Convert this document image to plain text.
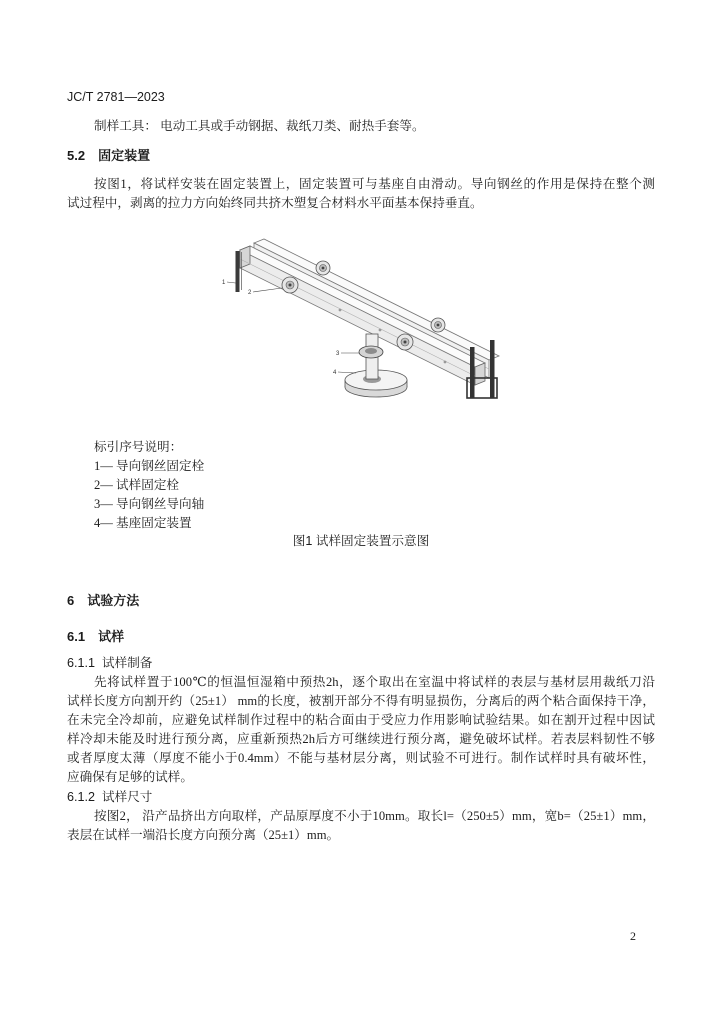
JC/T 2781—2023
制样工具： 电动工具或手动钢据、裁纸刀类、耐热手套等。
5.2 固定装置
按图1，将试样安装在固定装置上，固定装置可与基座自由滑动。导向钢丝的作用是保持在整个测
试过程中，剥离的拉力方向始终同共挤木塑复合材料水平面基本保持垂直。
1
2
3
4
标引序号说明：
1— 导向钢丝固定栓
2— 试样固定栓
3— 导向钢丝导向轴
4— 基座固定装置
图1 试样固定装置示意图
6 试验方法
6.1 试样
6.1.1 试样制备
先将试样置于100℃的恒温恒湿箱中预热2h，逐个取出在室温中将试样的表层与基材层用裁纸刀沿
试样长度方向割开约（25±1） mm的长度，被割开部分不得有明显损伤，分离后的两个粘合面保持干净，
在未完全冷却前，应避免试样制作过程中的粘合面由于受应力作用影响试验结果。如在割开过程中因试
样冷却未能及时进行预分离，应重新预热2h后方可继续进行预分离，避免破坏试样。若表层料韧性不够
或者厚度太薄（厚度不能小于0.4mm）不能与基材层分离，则试验不可进行。制作试样时具有破坏性，
应确保有足够的试样。
6.1.2 试样尺寸
按图2， 沿产品挤出方向取样，产品原厚度不小于10mm。取长l=（250±5）mm，宽b=（25±1）mm，
表层在试样一端沿长度方向预分离（25±1）mm。
2
